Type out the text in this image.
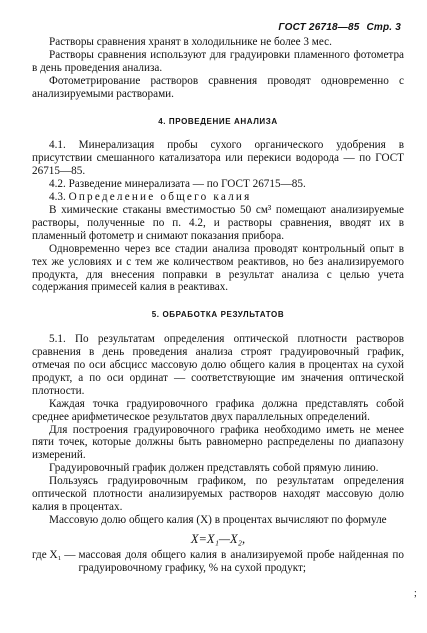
ГОСТ 26718—85 Стр. 3

Растворы сравнения хранят в холодильнике не более 3 мес.

Растворы сравнения используют для градуировки пламенного фотометра в день проведения анализа.

Фотометрирование растворов сравнения проводят одновременно с анализируемыми растворами.

4. ПРОВЕДЕНИЕ АНАЛИЗА

4.1. Минерализация пробы сухого органического удобрения в присутствии смешанного катализатора или перекиси водорода — по ГОСТ 26715—85.

4.2. Разведение минерализата — по ГОСТ 26715—85.

4.3. Определение общего калия

В химические стаканы вместимостью 50 см³ помещают анализируемые растворы, полученные по п. 4.2, и растворы сравнения, вводят их в пламенный фотометр и снимают показания прибора.

Одновременно через все стадии анализа проводят контрольный опыт в тех же условиях и с тем же количеством реактивов, но без анализируемого продукта, для внесения поправки в результат анализа с целью учета содержания примесей калия в реактивах.

5. ОБРАБОТКА РЕЗУЛЬТАТОВ

5.1. По результатам определения оптической плотности растворов сравнения в день проведения анализа строят градуировочный график, отмечая по оси абсцисс массовую долю общего калия в процентах на сухой продукт, а по оси ординат — соответствующие им значения оптической плотности.

Каждая точка градуировочного графика должна представлять собой среднее арифметическое результатов двух параллельных определений.

Для построения градуировочного графика необходимо иметь не менее пяти точек, которые должны быть равномерно распределены по диапазону измерений.

Градуировочный график должен представлять собой прямую линию.

Пользуясь градуировочным графиком, по результатам определения оптической плотности анализируемых растворов находят массовую долю калия в процентах.

Массовую долю общего калия (X) в процентах вычисляют по формуле

X=X₁—X₂,

где X₁ — массовая доля общего калия в анализируемой пробе найденная по градуировочному графику, % на сухой продукт;
;
